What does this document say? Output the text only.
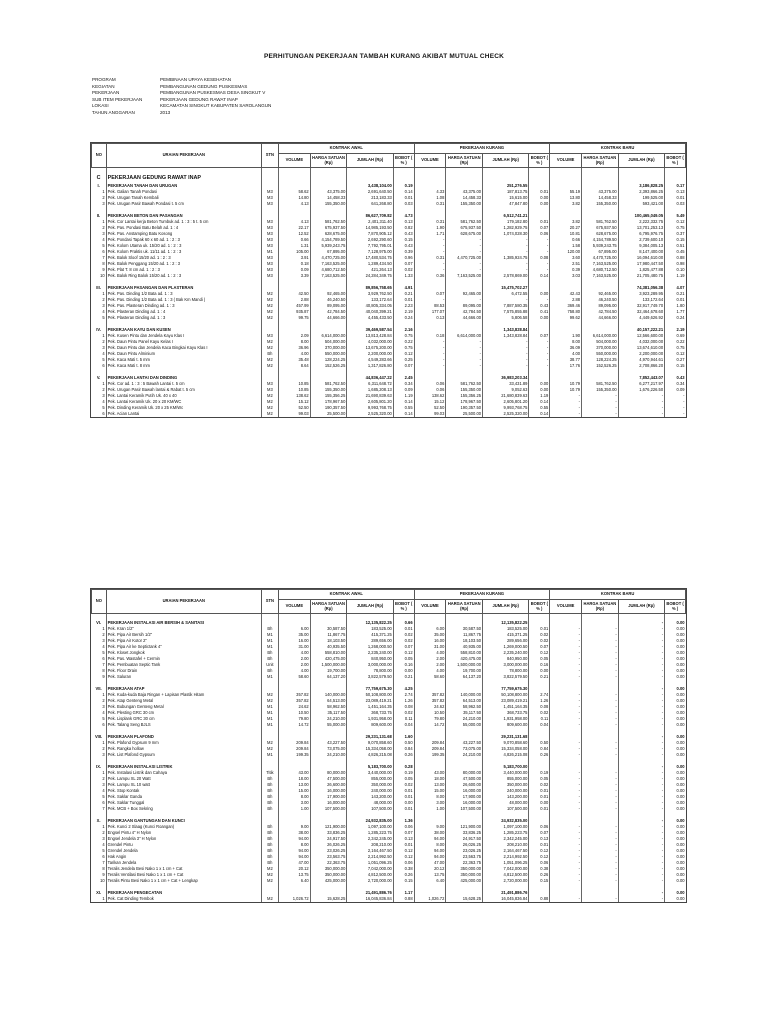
PERHITUNGAN PEKERJAAN TAMBAH KURANG AKIBAT MUTUAL CHECK
PROGRAM	PEMBINAAN UPAYA KESEHATAN
KEGIATAN	PEMBANGUNAN GEDUNG PUSKESMAS
PEKERJAAN	PEMBANGUNAN PUSKESMAS DESA SINGKUT V
SUB ITEM PEKERJAAN	PEKERJAAN GEDUNG RAWAT INAP
LOKASI	KECAMATAN SINGKUT KABUPATEN SAROLANGUN
TAHUN ANGGARAN	2013
NO	URAIAN PEKERJAAN	STN	KONTRAK AWAL				PEKERJAAN KURANG				KONTRAK BARU			
			VOLUME	HARGA SATUAN (Rp)	JUMLAH (Rp)	BOBOT ( % )	VOLUME	HARGA SATUAN (Rp)	JUMLAH (Rp)	BOBOT ( % )	VOLUME	HARGA SATUAN (Rp)	JUMLAH (Rp)	BOBOT ( % )

C	PEKERJAAN GEDUNG RAWAT INAP													
I.	PEKERJAAN TANAH DAN URUGAN				3,438,104.00	0.19			251,276.55				3,186,828.25	0.17
1	Pek. Galian Tanah Pondasi	M3	58.62	43,375.00	2,691,640.50	0.14	4.33	43,375.00	187,813.75	0.01	55.19	43,375.00	2,393,866.25	0.13
2	Pek. Urugan Tanah Kembali	M3	14.80	14,458.33	213,183.33	0.01	1.08	14,458.33	15,615.00	0.00	13.80	14,458.33	199,525.00	0.01
3	Pek. Urugan Pasir Bawah Pondasi t. 5 cm	M3	4.13	155,350.00	641,268.80	0.03	0.31	155,350.00	47,847.80	0.00	3.82	155,350.00	593,421.00	0.03

II.	PEKERJAAN BETON DAN PASANGAN				86,627,709.82	4.73			6,512,741.21				100,465,049.05	5.49
1	Pek. Cor Lantai kerja Beton Tumbuk ad. 1 : 3 : 5 t. 5 cm	M3	4.13	581,762.50	2,401,311.40	0.13	0.31	581,762.50	179,182.80	0.01	3.82	581,762.50	2,222,332.75	0.12
2	Pek. Pas. Pondasi Batu Belah ad. 1 : 4	M3	22.17	675,937.50	14,985,193.50	0.82	1.90	675,937.50	1,282,929.75	0.07	20.27	675,937.50	13,701,253.13	0.75
3	Pek. Pas. Anstamping Batu Kosong	M3	12.52	628,675.00	7,870,905.12	0.43	1.71	628,675.00	1,074,028.30	0.06	10.81	628,675.00	6,795,976.75	0.37
4	Pek. Pondasi Tapak 60 x 60 ad. 1 : 2 : 3	M3	0.66	4,154,789.50	2,692,290.60	0.15	-	-	-	-	0.66	4,154,789.50	2,739,600.10	0.15
5	Pek. Kolom Utama uk. 15/20 ad. 1 : 2 : 3	M3	1.31	5,939,243.75	7,792,795.01	0.43	-	-	-	-	1.58	5,939,243.75	9,384,005.13	0.51
6	Pek. Kolom Praktis uk. 11/11 ad. 1 : 2 : 3	M1	105.00	67,895.00	7,128,975.00	0.39	-	-	-	-	120.00	67,895.00	8,147,400.00	0.45
7	Pek. Balok Sloof 15/20 ad. 1 : 2 : 3	M3	3.91	4,470,725.00	17,480,534.75	0.96	0.31	4,470,725.00	1,385,924.75	0.08	3.60	4,470,725.00	16,094,610.00	0.88
8	Pek. Balok Penggang 15/20 ad. 1 : 2 : 3	M3	0.18	7,163,525.00	1,289,434.50	0.07	-	-	-	-	2.51	7,163,525.00	17,980,447.50	0.98
9	Pek. Plat T. 8 cm ad. 1 : 2 : 3	M3	0.09	4,680,712.50	421,264.13	0.02	-	-	-	-	0.39	4,680,712.50	1,825,477.88	0.10
10	Pek. Balok Ring Balok 15/20 ad. 1 : 2 : 3	M3	3.39	7,163,525.00	24,284,349.75	1.33	0.36	7,163,525.00	2,578,869.00	0.14	3.03	7,163,525.00	21,705,480.75	1.19

III.	PEKERJAAN PASANGAN DAN PLASTERAN				89,856,758.65	4.91			15,475,702.27				74,381,056.38	4.07
1	Pek. Pas. Dinding 1/2 Bata ad. 1 : 3	M2	42.50	92,465.00	3,929,762.50	0.21	0.07	92,465.00	6,472.55	0.00	42.43	92,465.00	3,923,289.95	0.21
2	Pek. Pas. Dinding 1/2 Bata ad. 1 : 3 ( Bak Km Mandi )	M2	2.88	46,240.50	133,172.64	0.01	-	-	-	-	2.88	46,240.50	133,172.64	0.01
3	Pek. Pas. Plasteran Dinding ad. 1 : 3	M2	457.99	89,095.00	40,805,334.05	2.23	88.53	89,095.00	7,887,580.35	0.43	369.46	89,095.00	32,917,749.70	1.80
4	Pek. Plasteran Dinding ad. 1 : 4	M2	935.87	42,784.50	40,040,399.21	2.19	177.07	42,784.50	7,575,855.88	0.41	758.80	42,784.50	32,464,678.60	1.77
5	Pek. Plasteran Dinding ad. 1 : 3	M2	99.75	44,666.00	4,455,433.50	0.24	0.13	44,666.00	5,806.58	0.00	99.62	44,666.00	4,449,626.92	0.24

IV.	PEKERJAAN KAYU DAN KUSEN				39,469,587.54	2.16			1,343,828.84				40,157,222.21	2.19
1	Pek. Kusen Pintu dan Jendela Kayu Klas I	M3	2.09	6,614,000.00	13,813,428.84	0.75	0.18	6,614,000.00	1,343,828.84	0.07	1.90	6,614,000.00	12,566,600.00	0.69
2	Pek. Daun Pintu Panel Kayu Kelas I	M2	8.00	504,000.00	4,032,000.00	0.22	-	-	-	-	8.00	504,000.00	4,032,000.00	0.22
3	Pek. Daun Pintu dan Jendela Kaca Bingkai Kayu Klas I	M2	36.96	370,000.00	13,675,200.00	0.75	-	-	-	-	36.09	370,000.00	13,674,610.00	0.75
4	Pek. Daun Pintu Alminium	Bh	4.00	550,000.00	2,200,000.00	0.12	-	-	-	-	4.00	550,000.00	2,200,000.00	0.12
5	Pek. Kaca Mati t. 5 mm	M2	35.48	128,224.25	4,549,283.66	0.25	-	-	-	-	38.77	128,224.25	4,970,944.61	0.27
6	Pek. Kaca Mati t. 8 mm	M2	8.64	152,526.25	1,317,826.80	0.07	-	-	-	-	17.76	152,526.25	2,708,866.20	0.15

V.	PEKERJAAN LANTAI DAN DINDING				44,836,447.22	2.45			36,983,203.34				7,852,443.07	0.43
1	Pek. Cor ad. 1 : 3 : 5 Bawah Lantai t. 5 cm	M3	10.85	581,762.50	6,311,648.72	0.34	0.06	581,762.50	33,431.89	0.00	10.79	581,762.50	6,277,217.97	0.34
2	Pek. Urugan Pasir Bawah lantai & Rabat t. 5 cm	M3	10.85	155,350.00	1,685,208.13	0.09	0.06	155,350.00	9,052.63	0.00	10.79	155,350.00	1,676,226.50	0.09
3	Pek. Lantai Keramik Putih Uk. 40 x 40	M2	138.62	155,356.25	21,690,839.63	1.19	138.62	155,356.25	21,680,839.63	1.19	-	-	-	-
4	Pek. Lantai Keramik Uk. 20 x 20 KM/WC	M2	15.12	178,967.50	2,605,801.20	0.14	15.12	178,967.50	2,605,801.20	0.14	-	-	-	-
5	Pek. Dinding Keramik Uk. 20 x 25 KM/Wc	M2	52.50	190,357.50	9,993,768.75	0.55	52.50	190,357.50	9,993,768.75	0.55	-	-	-	-
6	Pek. Acian Lantai	M2	99.03	25,500.00	2,525,320.00	0.14	99.03	25,500.00	2,525,320.00	0.14	-	-	-	-
NO	URAIAN PEKERJAAN	STN	KONTRAK AWAL				PEKERJAAN KURANG				KONTRAK BARU			
			VOLUME	HARGA SATUAN (Rp)	JUMLAH (Rp)	BOBOT ( % )	VOLUME	HARGA SATUAN (Rp)	JUMLAH (Rp)	BOBOT ( % )	VOLUME	HARGA SATUAN (Rp)	JUMLAH (Rp)	BOBOT ( % )

VI.	PEKERJAAN INSTALASI AIR BERSIH & SANITASI				12,135,822.25	0.66			12,135,822.25				-	0.00
1	Pek. Kran 1/2"	Bh	6.00	30,587.50	183,525.00	0.01	6.00	30,587.50	183,525.00	0.01	-	-	-	0.00
2	Pek. Pipa Air Bersih 1/2"	M1	35.00	11,867.75	415,371.25	0.02	35.00	11,867.75	415,371.25	0.02	-	-	-	0.00
3	Pek. Pipa Air Kotor 2"	M1	16.00	18,103.50	289,656.00	0.02	16.00	18,103.50	289,656.00	0.02	-	-	-	0.00
4	Pek. Pipa Air ke Septictank 4"	M1	31.00	40,935.50	1,268,000.50	0.07	31.00	40,935.00	1,269,000.50	0.07	-	-	-	0.00
5	Pek. Kloset Jongkok	Bh	4.00	558,810.00	2,235,240.00	0.12	4.00	558,810.00	2,235,240.00	0.12	-	-	-	0.00
6	Pek. Pas. Wastafel + Cermin	Bh	2.00	420,475.00	840,950.00	0.05	2.00	420,475.00	840,950.00	0.05	-	-	-	0.00
7	Pek. Pembuatan Septic Tank	Unit	2.00	1,500,000.00	3,000,000.00	0.16	2.00	1,500,000.00	3,000,000.00	0.16	-	-	-	0.00
8	Pek. Floor Drain	Bh	4.00	19,700.00	78,800.00	0.00	4.00	19,700.00	78,800.00	0.00	-	-	-	0.00
9	Pek. Saluran	M1	58.60	64,137.20	3,822,579.50	0.21	58.60	64,137.20	3,822,579.50	0.21	-	-	-	0.00

VII.	PEKERJAAN ATAP				77,759,675.30	4.25			77,759,675.30				-	0.00
1	Pek. Kuda-kuda Baja Ringan + Lapisan Plastik Hitam	M2	357.82	140,000.00	50,108,800.00	2.74	357.82	140,000.00	50,108,800.00	2.74	-	-	-	0.00
2	Pek. Atap Genteng Metal	M2	357.82	64,513.00	23,089,419.21	1.26	357.82	64,513.00	23,089,419.21	1.26	-	-	-	0.00
3	Pek. Bubungan Genteng Metal	M1	24.62	58,962.50	1,451,164.35	0.08	24.62	58,962.50	1,451,164.35	0.08	-	-	-	0.00
4	Pek. Plesting GRC 30 cm	M1	10.50	35,117.50	368,733.75	0.02	10.50	35,117.50	368,733.75	0.02	-	-	-	0.00
5	Pek. Lisplank GRC 30 cm	M1	79.80	24,210.00	1,931,958.00	0.11	79.80	24,210.00	1,931,958.00	0.11	-	-	-	0.00
6	Pek. Talang Seng BJLS	M1	14.72	55,000.00	809,600.00	0.04	14.72	55,000.00	809,600.00	0.04	-	-	-	0.00

VIII.	PEKERJAAN PLAFOND				29,231,131.68	1.60			29,231,131.68				-	0.00
1	Pek. Plafond Gypsum 9 mm	M2	209.84	43,227.50	9,070,858.60	0.50	209.84	43,227.50	9,070,858.60	0.50	-	-	-	0.00
2	Pek. Rangka hollow	M2	209.84	73,075.00	15,334,058.00	0.84	209.84	73,075.00	15,334,058.00	0.84	-	-	-	0.00
3	Pek. List Plafond Gypsum	M1	199.35	24,210.00	4,826,215.08	0.26	199.35	24,210.00	4,826,215.08	0.26	-	-	-	0.00

IX.	PEKERJAAN INSTALASI LISTRIK				5,183,700.00	0.28			5,183,700.00				-	0.00
1	Pek. Instalasi Listrik dan Cahaya	Titik	43.00	80,000.00	3,440,000.00	0.19	43.00	80,000.00	3,440,000.00	0.19	-	-	-	0.00
2	Pek. Lampu XL 20 Watt	Bh	18.00	47,500.00	855,000.00	0.05	18.00	47,500.00	855,000.00	0.05	-	-	-	0.00
3	Pek. Lampu XL 10 watt	Bh	13.00	26,600.00	350,000.00	0.02	13.00	26,600.00	350,000.00	0.02	-	-	-	0.00
4	Pek. Stop Kontak	Bh	15.00	16,000.00	240,000.00	0.01	15.00	16,000.00	240,000.00	0.01	-	-	-	0.00
5	Pek. Saklar Ganda	Bh	8.00	17,900.00	143,200.00	0.01	8.00	17,900.00	143,200.00	0.01	-	-	-	0.00
6	Pek. Saklar Tunggal	Bh	3.00	16,000.00	48,000.00	0.00	3.00	16,000.00	48,000.00	0.00	-	-	-	0.00
7	Pek. MCB + Box Sekring	Bh	1.00	107,500.00	107,500.00	0.01	1.00	107,500.00	107,500.00	0.01	-	-	-	0.00

X.	PEKERJAAN GANTUNGAN DAN KUNCI				24,932,835.00	1.36			24,932,835.00				-	0.00
1	Pek. Kunci 2 Slaag (Kunci Roangan)	Bh	9.00	121,900.00	1,097,100.00	0.06	9.00	121,900.00	1,097,100.00	0.06	-	-	-	0.00
2	Engsel Pintu 4" H Nylon	Bh	38.00	33,836.25	1,285,223.75	0.07	38.00	33,836.25	1,285,223.75	0.07	-	-	-	0.00
3	Engsel Jendela 3" H Nylon	Bh	94.00	24,917.50	2,342,245.00	0.13	94.00	24,917.50	2,342,245.00	0.13	-	-	-	0.00
4	Grendel Pintu	Bh	8.00	26,026.25	208,210.00	0.01	8.00	26,026.25	208,210.00	0.01	-	-	-	0.00
5	Grendel Jendela	Bh	94.00	23,026.25	2,164,467.50	0.12	94.00	23,026.25	2,164,467.50	0.12	-	-	-	0.00
6	Hak Angin	Bh	94.00	23,563.75	2,214,992.50	0.12	94.00	23,563.75	2,214,992.50	0.12	-	-	-	0.00
7	Tarikan Jendela	Bh	47.00	22,363.75	1,051,096.25	0.06	47.00	22,363.75	1,051,096.25	0.06	-	-	-	0.00
8	Teralis Jendela Besi Nako 1 x 1 cm + Cat	M2	20.12	350,000.00	7,042,000.00	0.38	20.12	350,000.00	7,042,000.00	0.38	-	-	-	0.00
9	Teralis Ventilasi Besi Nako 1 x 1 cm + Cat	M2	13.75	350,000.00	4,812,500.00	0.26	13.75	350,000.00	4,812,500.00	0.26	-	-	-	0.00
10	Teralis Pintu Besi Nako 1 x 1 cm + Cat + Lengkap	M2	6.40	425,000.00	2,720,000.00	0.15	6.40	425,000.00	2,720,000.00	0.15	-	-	-	0.00

XI.	PEKERJAAN PENGECATAN				21,491,886.76	1.17			21,491,886.76				-	0.00
1	Pek. Cat Dinding Tembok	M2	1,026.72	15,628.25	16,045,836.84	0.88	1,026.72	15,628.25	16,045,836.84	0.88	-	-	-	0.00
